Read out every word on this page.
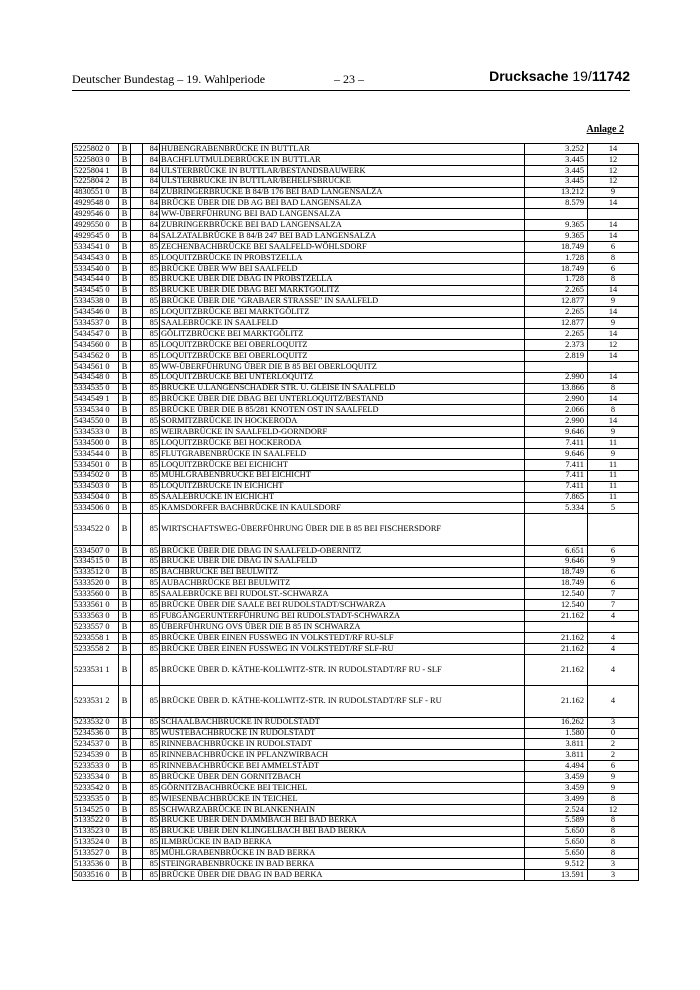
Deutscher Bundestag – 19. Wahlperiode	– 23 –	Drucksache 19/11742
Anlage 2
5225802 0	B		84	HUBENGRABENBRÜCKE IN BUTTLAR	3.252	14
5225803 0	B		84	BACHFLUTMULDEBRÜCKE IN BUTTLAR	3.445	12
5225804 1	B		84	ULSTERBRÜCKE IN BUTTLAR/BESTANDSBAUWERK	3.445	12
5225804 2	B		84	ULSTERBRÜCKE IN BUTTLAR/BEHELFSBRÜCKE	3.445	12
4830551 0	B		84	ZUBRINGERBRÜCKE B 84/B 176 BEI BAD LANGENSALZA	13.212	9
4929548 0	B		84	BRÜCKE ÜBER DIE DB AG BEI BAD LANGENSALZA	8.579	14
4929546 0	B		84	WW-ÜBERFÜHRUNG BEI BAD LANGENSALZA		
4929550 0	B		84	ZUBRINGERBRÜCKE BEI BAD LANGENSALZA	9.365	14
4929545 0	B		84	SALZATALBRÜCKE B 84/B 247 BEI BAD LANGENSALZA	9.365	14
5334541 0	B		85	ZECHENBACHBRÜCKE BEI SAALFELD-WÖHLSDORF	18.749	6
5434543 0	B		85	LOQUITZBRÜCKE IN PROBSTZELLA	1.728	8
5334540 0	B		85	BRÜCKE ÜBER WW BEI SAALFELD	18.749	6
5434544 0	B		85	BRÜCKE ÜBER DIE DBAG IN PROBSTZELLA	1.728	8
5434545 0	B		85	BRÜCKE ÜBER DIE DBAG BEI MARKTGÖLITZ	2.265	14
5334538 0	B		85	BRÜCKE ÜBER DIE "GRABAER STRASSE" IN SAALFELD	12.877	9
5434546 0	B		85	LOQUITZBRÜCKE BEI MARKTGÖLITZ	2.265	14
5334537 0	B		85	SAALEBRÜCKE IN SAALFELD	12.877	9
5434547 0	B		85	GÖLITZBRÜCKE BEI MARKTGÖLITZ	2.265	14
5434560 0	B		85	LOQUITZBRÜCKE BEI OBERLOQUITZ	2.373	12
5434562 0	B		85	LOQUITZBRÜCKE BEI OBERLOQUITZ	2.819	14
5434561 0	B		85	WW-ÜBERFÜHRUNG ÜBER DIE B 85 BEI OBERLOQUITZ		
5434548 0	B		85	LOQUITZBRÜCKE BEI UNTERLOQUITZ	2.990	14
5334535 0	B		85	BRÜCKE Ü.LANGENSCHADER STR. U. GLEISE IN SAALFELD	13.866	8
5434549 1	B		85	BRÜCKE ÜBER DIE DBAG BEI UNTERLOQUITZ/BESTAND	2.990	14
5334534 0	B		85	BRÜCKE ÜBER DIE B 85/281 KNOTEN OST IN SAALFELD	2.066	8
5434550 0	B		85	SORMITZBRÜCKE IN HOCKERODA	2.990	14
5334533 0	B		85	WEIRABRÜCKE IN SAALFELD-GORNDORF	9.646	9
5334500 0	B		85	LOQUITZBRÜCKE BEI HOCKERODA	7.411	11
5334544 0	B		85	FLUTGRABENBRÜCKE IN SAALFELD	9.646	9
5334501 0	B		85	LOQUITZBRÜCKE BEI EICHICHT	7.411	11
5334502 0	B		85	MÜHLGRABENBRÜCKE BEI EICHICHT	7.411	11
5334503 0	B		85	LOQUITZBRÜCKE IN EICHICHT	7.411	11
5334504 0	B		85	SAALEBRÜCKE IN EICHICHT	7.865	11
5334506 0	B		85	KAMSDORFER BACHBRÜCKE IN KAULSDORF	5.334	5
5334522 0	B		85	WIRTSCHAFTSWEG-ÜBERFÜHRUNG ÜBER DIE B 85 BEI FISCHERSDORF		
5334507 0	B		85	BRÜCKE ÜBER DIE DBAG IN SAALFELD-OBERNITZ	6.651	6
5334515 0	B		85	BRÜCKE ÜBER DIE DBAG IN SAALFELD	9.646	9
5333512 0	B		85	BACHBRÜCKE BEI BEULWITZ	18.749	6
5333520 0	B		85	AUBACHBRÜCKE BEI BEULWITZ	18.749	6
5333560 0	B		85	SAALEBRÜCKE BEI RUDOLST.-SCHWARZA	12.540	7
5333561 0	B		85	BRÜCKE ÜBER DIE SAALE BEI RUDOLSTADT/SCHWARZA	12.540	7
5333563 0	B		85	FUßGÄNGERUNTERFÜHRUNG BEI RUDOLSTADT-SCHWARZA	21.162	4
5233557 0	B		85	ÜBERFÜHRUNG OVS ÜBER DIE B 85 IN SCHWARZA		
5233558 1	B		85	BRÜCKE ÜBER EINEN FUSSWEG IN VOLKSTEDT/RF RU-SLF	21.162	4
5233558 2	B		85	BRÜCKE ÜBER EINEN FUSSWEG IN VOLKSTEDT/RF SLF-RU	21.162	4
5233531 1	B		85	BRÜCKE ÜBER D. KÄTHE-KOLLWITZ-STR. IN RUDOLSTADT/RF RU - SLF	21.162	4
5233531 2	B		85	BRÜCKE ÜBER D. KÄTHE-KOLLWITZ-STR. IN RUDOLSTADT/RF SLF - RU	21.162	4
5233532 0	B		85	SCHAALBACHBRÜCKE IN RUDOLSTADT	16.262	3
5234536 0	B		85	WÜSTEBACHBRÜCKE IN RUDOLSTADT	1.580	0
5234537 0	B		85	RINNEBACHBRÜCKE IN RUDOLSTADT	3.811	2
5234539 0	B		85	RINNEBACHBRÜCKE IN PFLANZWIRBACH	3.811	2
5233533 0	B		85	RINNEBACHBRÜCKE BEI AMMELSTÄDT	4.494	6
5233534 0	B		85	BRÜCKE ÜBER DEN GORNITZBACH	3.459	9
5233542 0	B		85	GÖRNITZBACHBRÜCKE BEI TEICHEL	3.459	9
5233535 0	B		85	WIESENBACHBRÜCKE IN TEICHEL	3.499	8
5134525 0	B		85	SCHWARZABRÜCKE IN BLANKENHAIN	2.524	12
5133522 0	B		85	BRÜCKE ÜBER DEN DAMMBACH BEI BAD BERKA	5.589	8
5133523 0	B		85	BRÜCKE ÜBER DEN KLINGELBACH BEI BAD BERKA	5.650	8
5133524 0	B		85	ILMBRÜCKE IN BAD BERKA	5.650	8
5133527 0	B		85	MÜHLGRABENBRÜCKE IN BAD BERKA	5.650	8
5133536 0	B		85	STEINGRABENBRÜCKE IN BAD BERKA	9.512	3
5033516 0	B		85	BRÜCKE ÜBER DIE DBAG IN BAD BERKA	13.591	3
